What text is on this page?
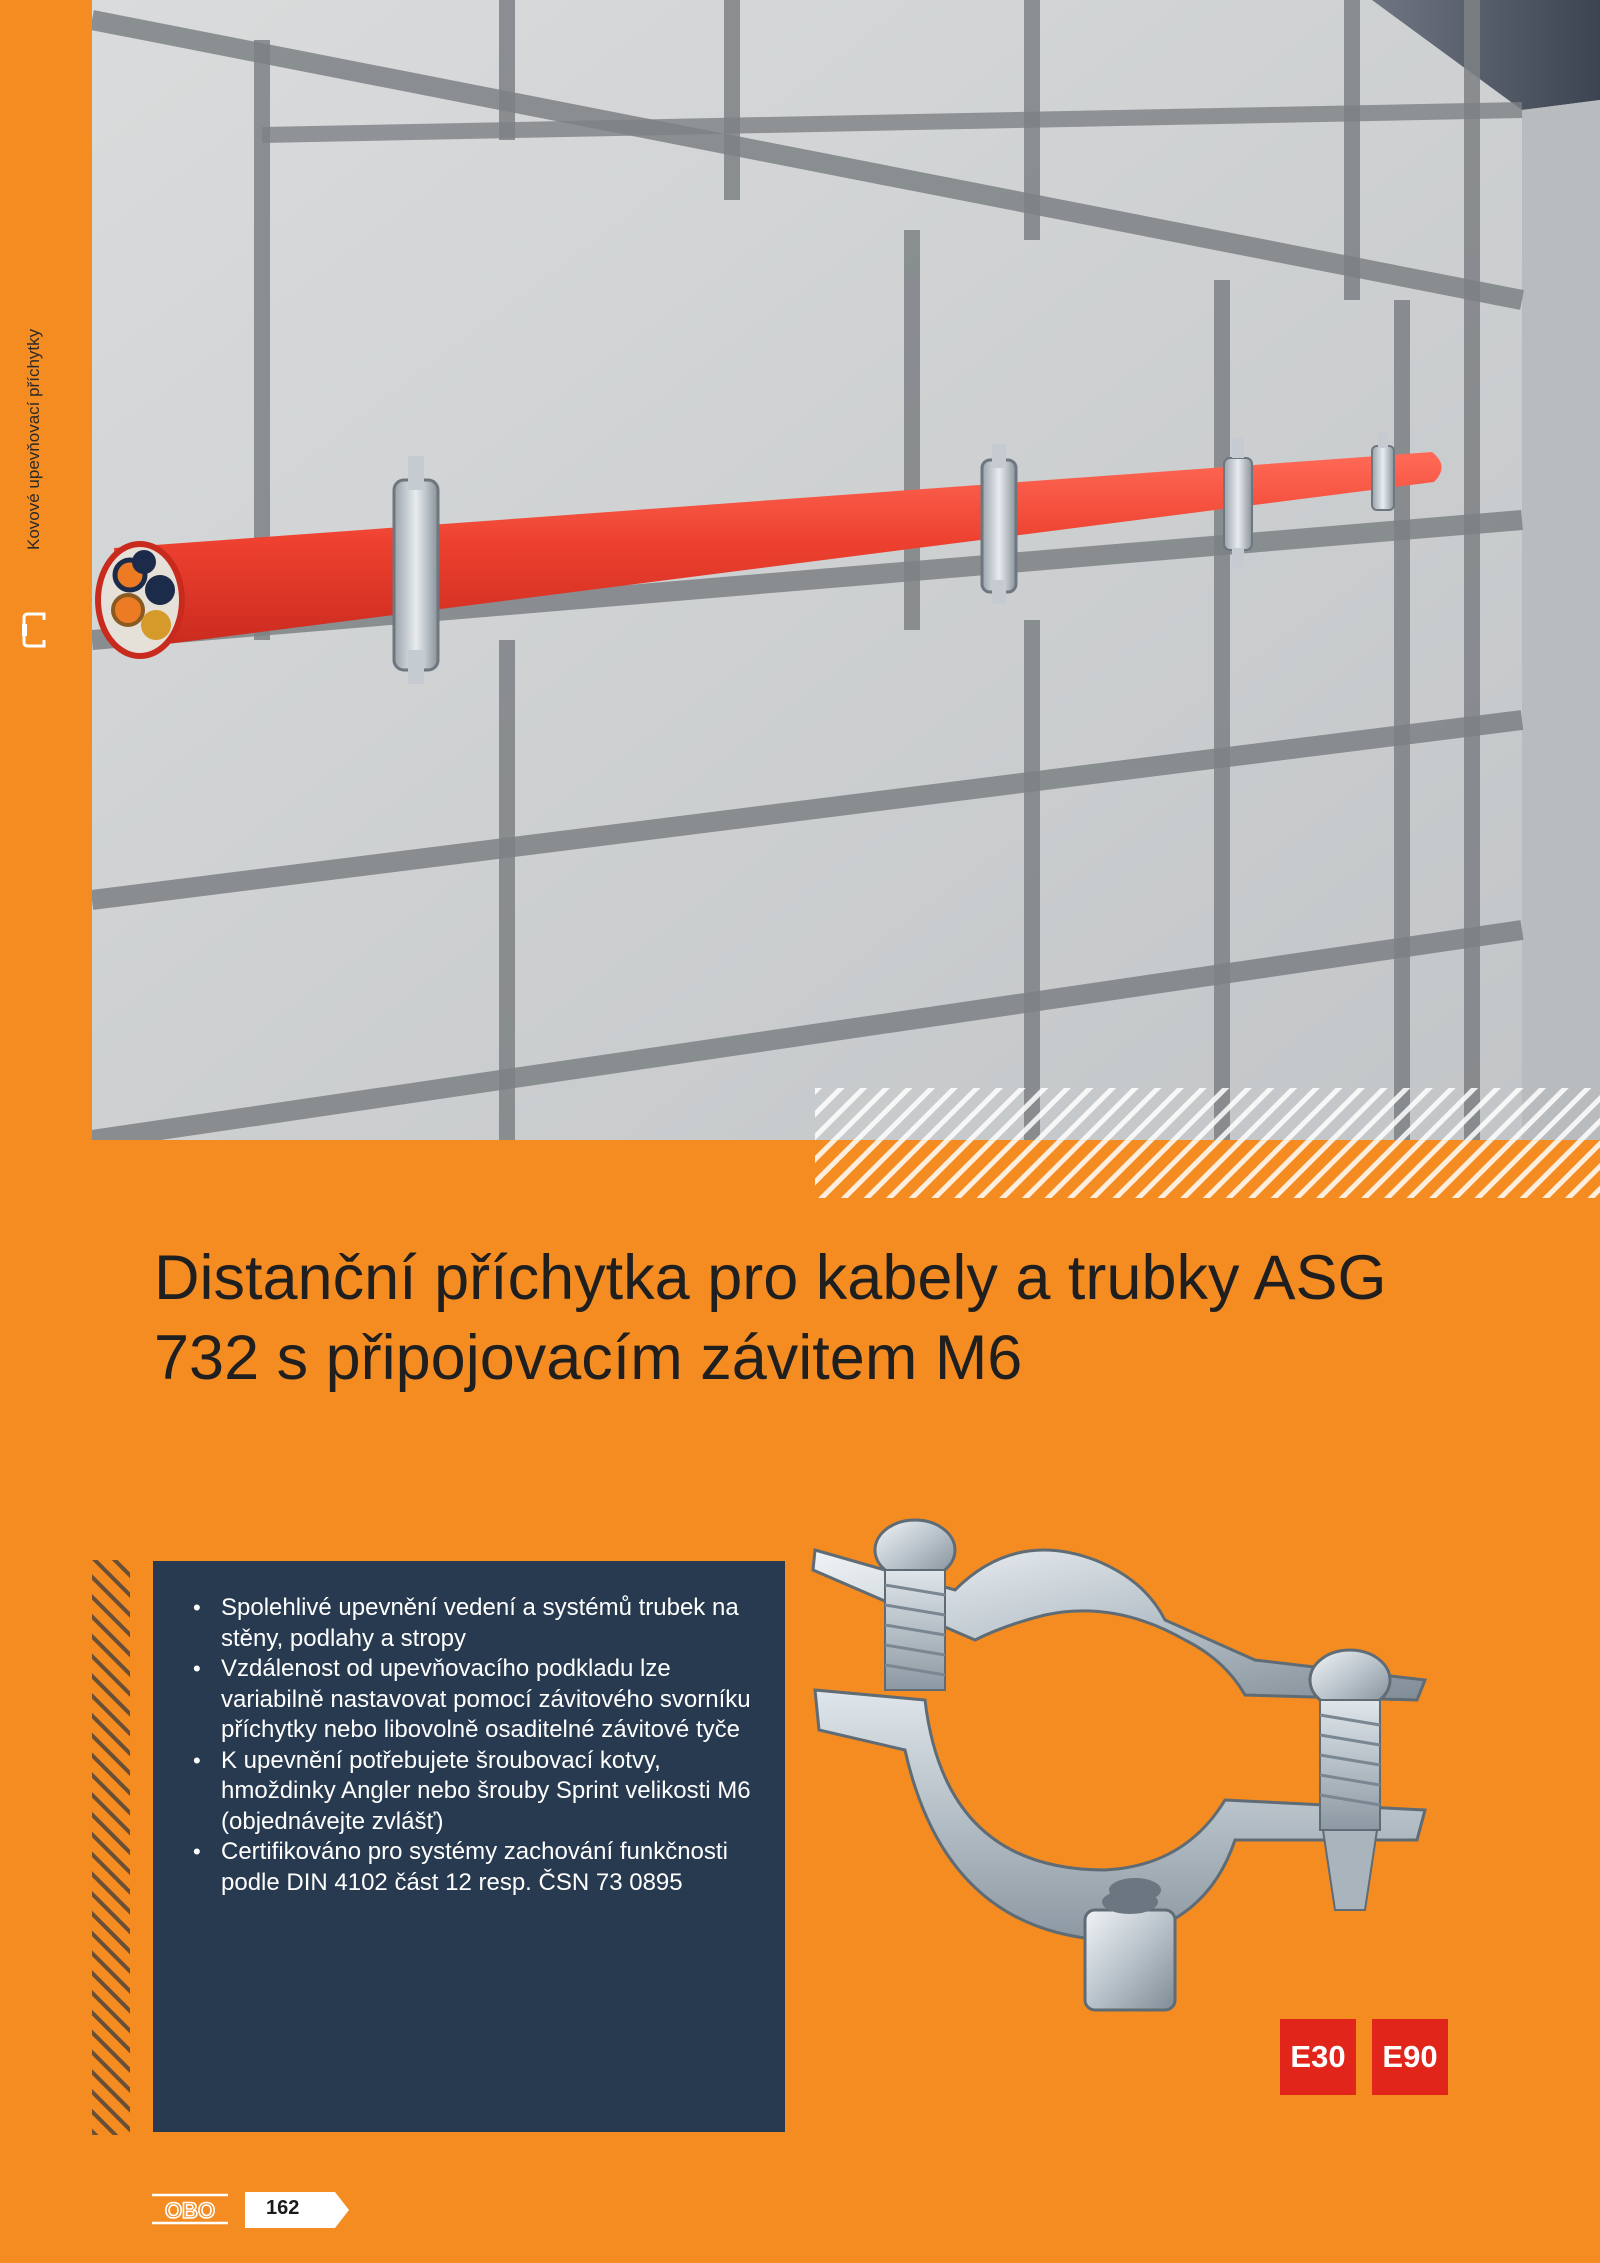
Kovové upevňovací příchytky
Distanční příchytka pro kabely a trubky ASG
732 s připojovacím závitem M6
• Spolehlivé upevnění vedení a systémů trubek na stěny, podlahy a stropy
• Vzdálenost od upevňovacího podkladu lze variabilně nastavovat pomocí závitového svorníku příchytky nebo libovolně osaditelné závitové tyče
• K upevnění potřebujete šroubovací kotvy, hmoždinky Angler nebo šrouby Sprint velikosti M6 (objednávejte zvlášť)
• Certifikováno pro systémy zachování funkčnosti podle DIN 4102 část 12 resp. ČSN 73 0895
E30	E90
OBO	162
